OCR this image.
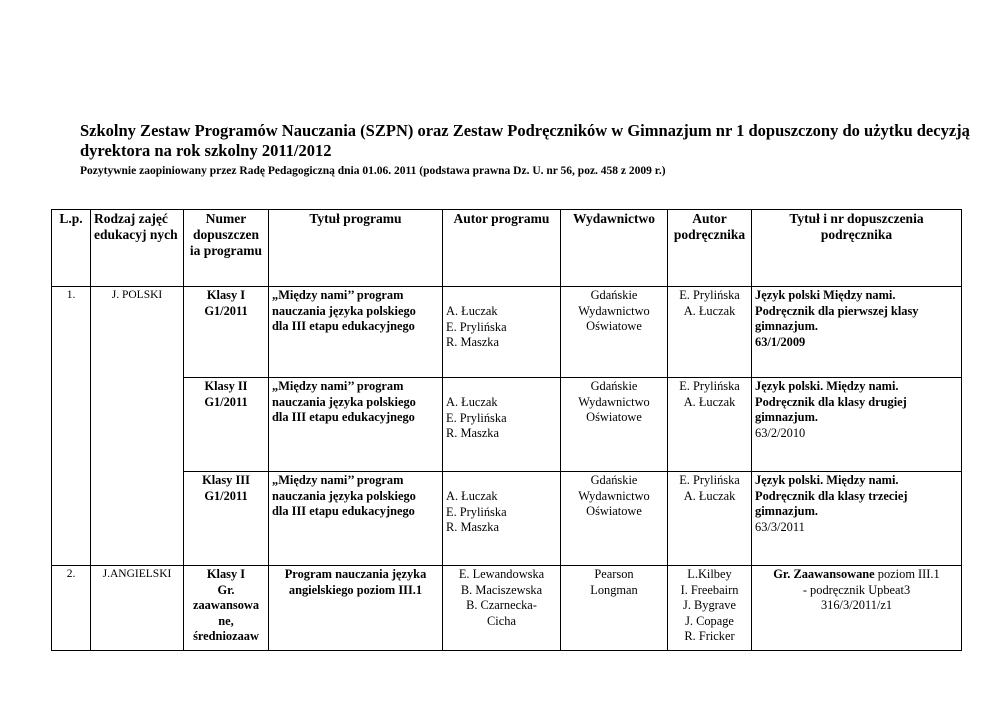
Szkolny Zestaw Programów Nauczania (SZPN) oraz Zestaw Podręczników w Gimnazjum nr 1 dopuszczony do użytku decyzją dyrektora na rok szkolny 2011/2012
Pozytywnie zaopiniowany przez Radę Pedagogiczną dnia 01.06. 2011 (podstawa prawna Dz. U. nr 56, poz. 458 z 2009 r.)
L.p.	Rodzaj zajęć edukacyj nych	Numer dopuszczen ia programu	Tytuł programu	Autor programu	Wydawnictwo	Autor podręcznika	Tytuł i nr dopuszczenia podręcznika
1.	J. POLSKI	Klasy I
G1/2011	„Między nami’’ program
nauczania języka polskiego
dla III etapu edukacyjnego	A. Łuczak
E. Prylińska
R. Maszka	Gdańskie
Wydawnictwo
Oświatowe	E. Prylińska
A. Łuczak	Język polski Między nami.
Podręcznik dla pierwszej klasy
gimnazjum.
63/1/2009

		Klasy II
G1/2011	„Między nami’’ program
nauczania języka polskiego
dla III etapu edukacyjnego	A. Łuczak
E. Prylińska
R. Maszka	Gdańskie
Wydawnictwo
Oświatowe	E. Prylińska
A. Łuczak	Język polski. Między nami.
Podręcznik dla klasy drugiej
gimnazjum.
63/2/2010

		Klasy III
G1/2011	„Między nami’’ program
nauczania języka polskiego
dla III etapu edukacyjnego	A. Łuczak
E. Prylińska
R. Maszka	Gdańskie
Wydawnictwo
Oświatowe	E. Prylińska
A. Łuczak	Język polski. Między nami.
Podręcznik dla klasy trzeciej
gimnazjum.
63/3/2011

2.	J.ANGIELSKI	Klasy I
Gr.
zaawansowa
ne,
średniozaaw	Program nauczania języka
angielskiego poziom III.1	E. Lewandowska
B. Maciszewska
B. Czarnecka-
Cicha	Pearson
Longman	L.Kilbey
I. Freebairn
J. Bygrave
J. Copage
R. Fricker	Gr. Zaawansowane poziom III.1
- podręcznik Upbeat3
316/3/2011/z1
